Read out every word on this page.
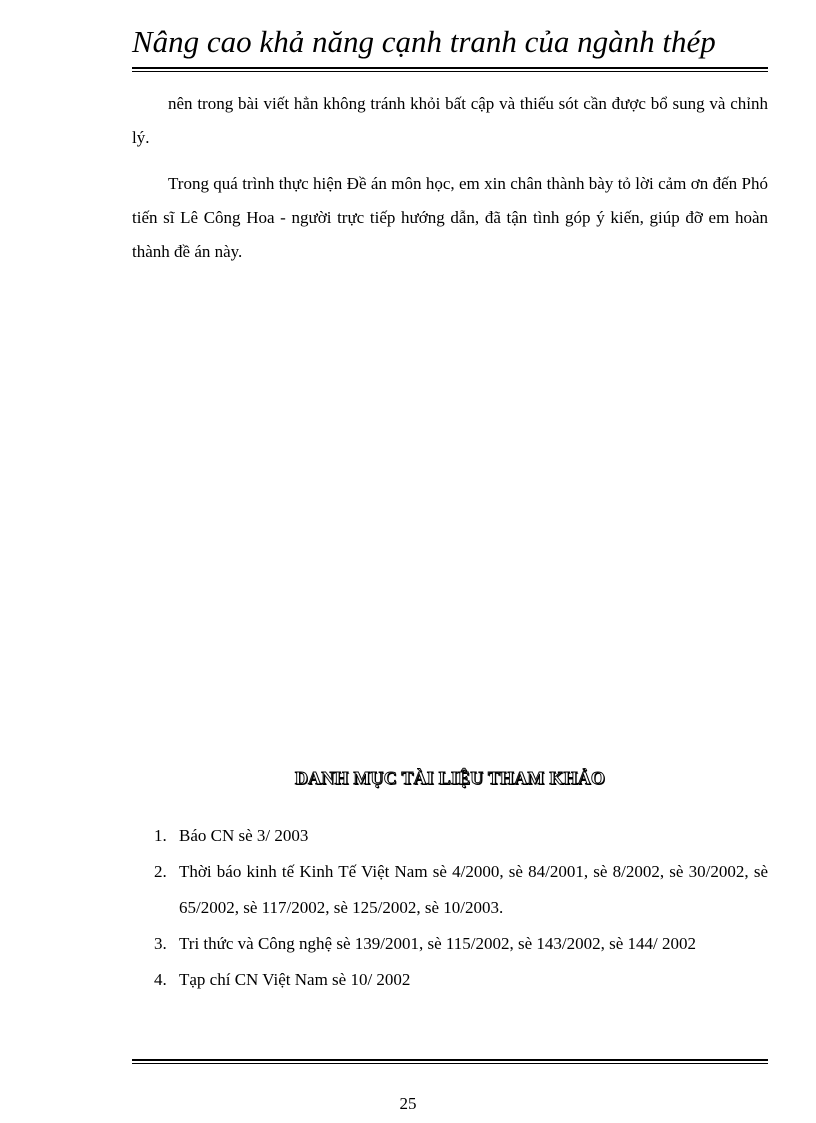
Nâng cao khả năng cạnh tranh của ngành thép

nên trong bài viết hẳn không tránh khỏi bất cập và thiếu sót cần được bổ sung và chỉnh lý.

Trong quá trình thực hiện Đề án môn học, em xin chân thành bày tỏ lời cảm ơn đến Phó tiến sĩ Lê Công Hoa - người trực tiếp hướng dẫn, đã tận tình góp ý kiến, giúp đỡ em hoàn thành đề án này.

DANH MỤC TÀI LIỆU THAM KHẢO
1. Báo CN sè 3/ 2003
2. Thời báo kinh tế Kinh Tế Việt Nam sè 4/2000, sè 84/2001, sè 8/2002, sè 30/2002, sè 65/2002, sè 117/2002, sè 125/2002, sè 10/2003.
3. Tri thức và Công nghệ sè 139/2001, sè 115/2002, sè 143/2002, sè 144/ 2002
4. Tạp chí CN Việt Nam sè 10/ 2002
25
